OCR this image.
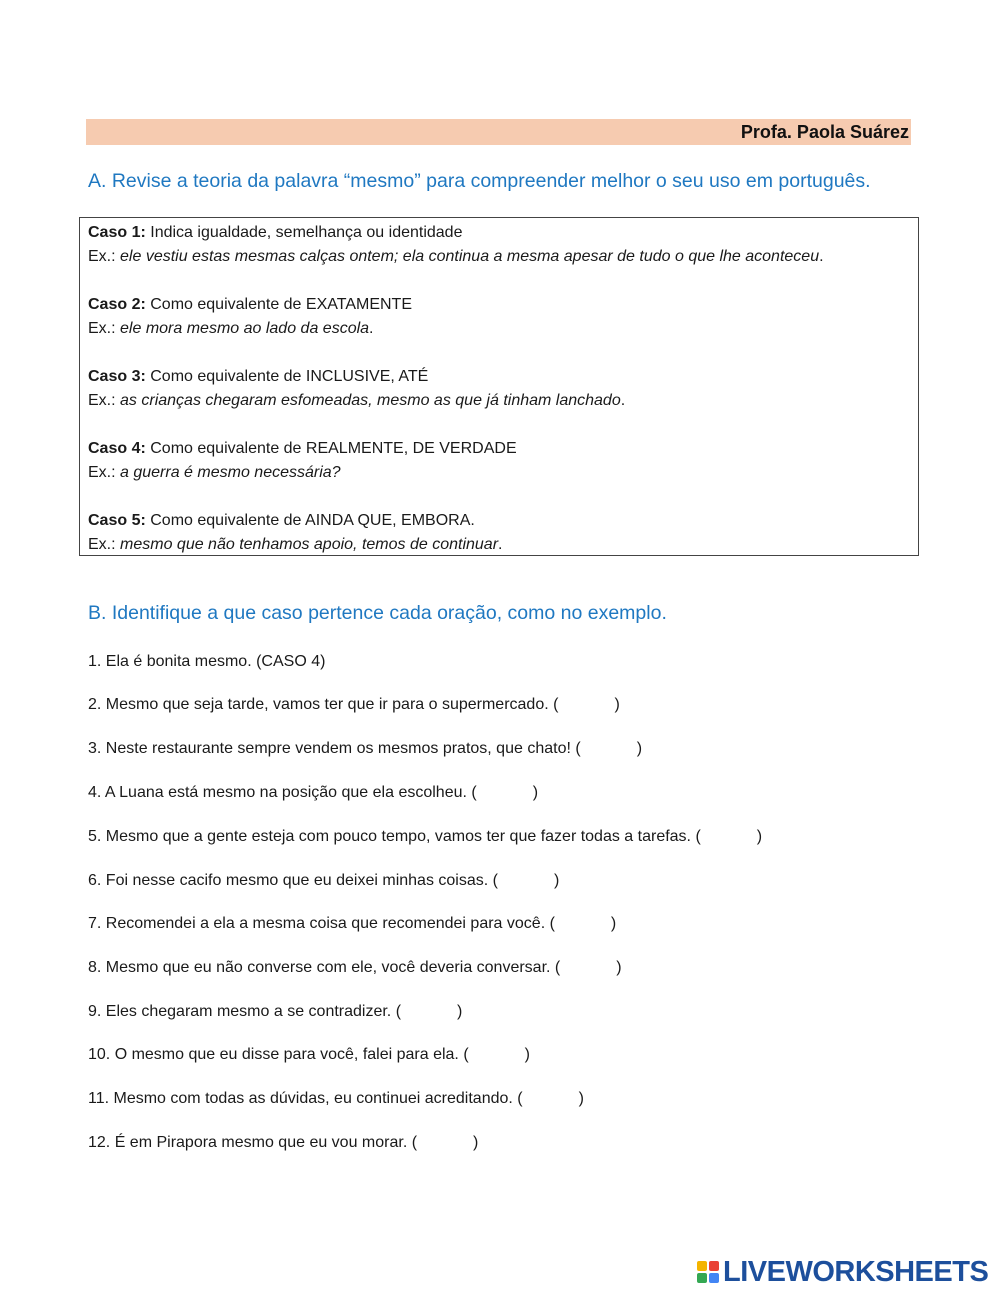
Profa. Paola Suárez
A. Revise a teoria da palavra “mesmo” para compreender melhor o seu uso em português.
Caso 1: Indica igualdade, semelhança ou identidade
Ex.: ele vestiu estas mesmas calças ontem; ela continua a mesma apesar de tudo o que lhe aconteceu.
Caso 2: Como equivalente de EXATAMENTE
Ex.: ele mora mesmo ao lado da escola.
Caso 3: Como equivalente de INCLUSIVE, ATÉ
Ex.: as crianças chegaram esfomeadas, mesmo as que já tinham lanchado.
Caso 4: Como equivalente de REALMENTE, DE VERDADE
Ex.: a guerra é mesmo necessária?
Caso 5: Como equivalente de AINDA QUE, EMBORA.
Ex.: mesmo que não tenhamos apoio, temos de continuar.
B. Identifique a que caso pertence cada oração, como no exemplo.
1. Ela é bonita mesmo. (CASO 4)
2. Mesmo que seja tarde, vamos ter que ir para o supermercado. (	)
3. Neste restaurante sempre vendem os mesmos pratos, que chato! (	)
4. A Luana está mesmo na posição que ela escolheu. (	)
5. Mesmo que a gente esteja com pouco tempo, vamos ter que fazer todas a tarefas. (	)
6. Foi nesse cacifo mesmo que eu deixei minhas coisas. (	)
7. Recomendei a ela a mesma coisa que recomendei para você. (	)
8. Mesmo que eu não converse com ele, você deveria conversar. (	)
9. Eles chegaram mesmo a se contradizer. (	)
10. O mesmo que eu disse para você, falei para ela. (	)
11. Mesmo com todas as dúvidas, eu continuei acreditando. (	)
12. É em Pirapora mesmo que eu vou morar. (	)
LIVEWORKSHEETS
